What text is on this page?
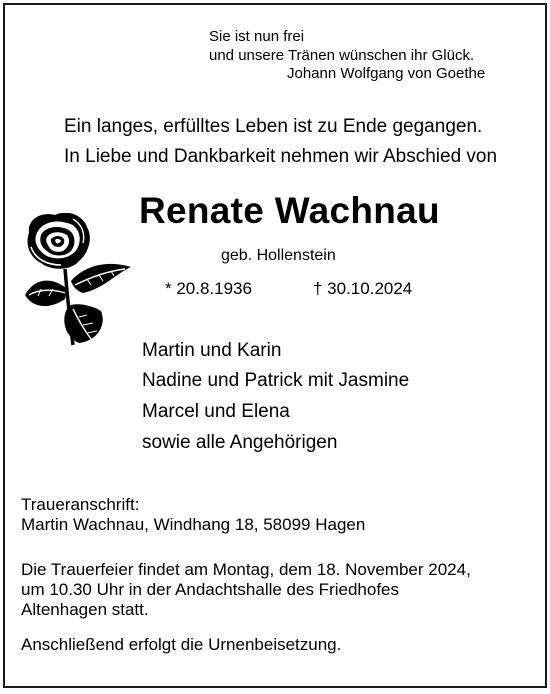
Sie ist nun frei
und unsere Tränen wünschen ihr Glück.
Johann Wolfgang von Goethe
Ein langes, erfülltes Leben ist zu Ende gegangen.
In Liebe und Dankbarkeit nehmen wir Abschied von
Renate Wachnau
geb. Hollenstein
* 20.8.1936	† 30.10.2024
Martin und Karin
Nadine und Patrick mit Jasmine
Marcel und Elena
sowie alle Angehörigen
Traueranschrift:
Martin Wachnau, Windhang 18, 58099 Hagen
Die Trauerfeier findet am Montag, dem 18. November 2024,
um 10.30 Uhr in der Andachtshalle des Friedhofes
Altenhagen statt.
Anschließend erfolgt die Urnenbeisetzung.
